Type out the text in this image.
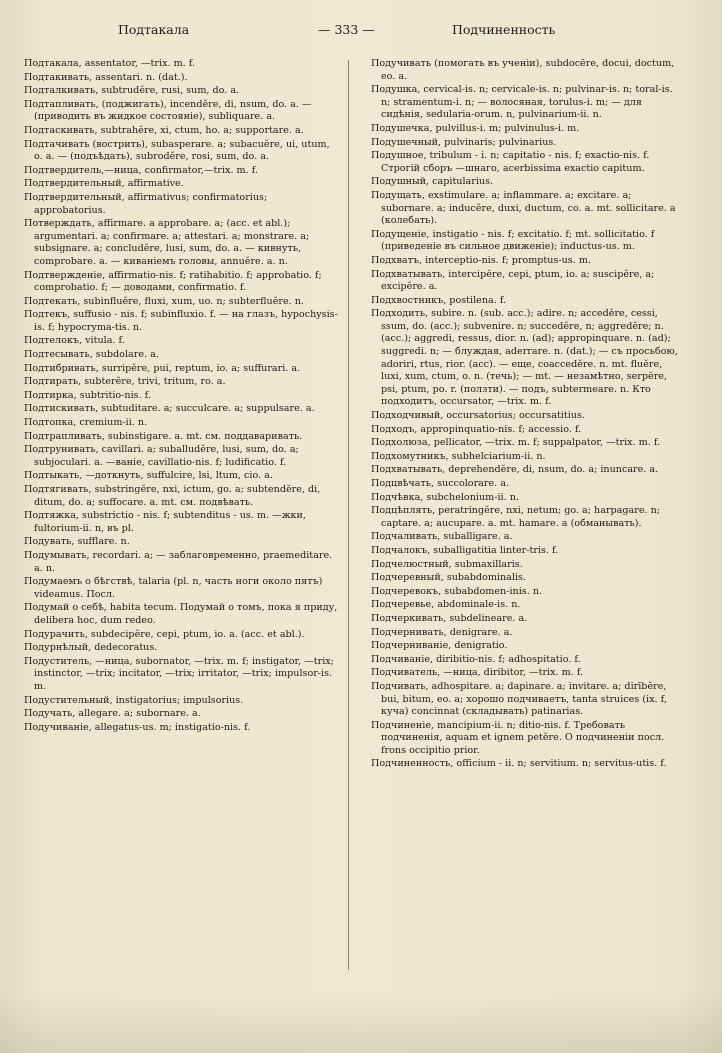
Подтакала	— 333 —	Подчиненность
Подтакала, assentator, —trix. m. f.
Подтакивать, assentari. n. (dat.).
Подталкивать, subtrudĕre, rusi, sum, do. a.
Подтапливать, (поджигать), incendĕre, di, nsum, do. a. — (приводить въ жидкое состояніе), subliquare. a.
Подтаскивать, subtrahĕre, xi, ctum, ho. a; supportare. a.
Подтачивать (вострить), subasperare. a; subacuĕre, ui, utum, o. a. — (подъѣдать), subrodĕre, rosi, sum, do. a.
Подтвердитель,—ница, confirmator,—trix. m. f.
Подтвердительный, affirmative.
Подтвердительный, affirmativus; confirmatorius; approbatorius.
Потверждать, affirmare. a approbare. a; (acc. et abl.); argumentari. a; confirmare. a; attestari. a; monstrare. a; subsignare. a; concludĕre, lusi, sum, do. a. — кивнуть, comprobare. a. — киваніемъ головы, annuĕre. a. n.
Подтвержденіе, affirmatio-nis. f; ratihabitio. f; approbatio. f; comprobatio. f; — доводами, confirmatio. f.
Подтекать, subinfluĕre, fluxi, xum, uo. n; subterfluĕre. n.
Подтекъ, suffusio - nis. f; subinfluxio. f. — на глазъ, hypochysis-is. f; hypocryma-tis. n.
Подтелокъ, vitula. f.
Подтесывать, subdolare. a.
Подтибривать, surripĕre, pui, reptum, io. a; suffurari. a.
Подтирать, subterĕre, trivi, tritum, ro. a.
Подтирка, subtritio-nis. f.
Подтискивать, subtuditare. a; succulcare. a; suppulsare. a.
Подтопка, cremium-ii. n.
Подтрапливать, subinstigare. a. mt. см. поддаваривать.
Подтрунивать, cavillari. a; suballudĕre, lusi, sum, do. a; subjocularі. a. —ваніе, cavillatio-nis. f; ludificatio. f.
Подтыкать, —доткнуть, suffulcire, lsi, ltum, cio. a.
Подтягивать, substringĕre, nxi, ictum, go. a; subtendĕre, di, ditum, do. a; suffocare. a. mt. см. подвѣвать.
Подтяжка, substrictio - nis. f; subtenditus - us. m. —жки, fultorium-ii. n, въ pl.
Подувать, sufflare. n.
Подумывать, recordari. a; — заблаговременно, praemeditare. a. n.
Подумаемъ о бѣгствѣ, talaria (pl. n, часть ноги около пятъ) videamus. Посл.
Подумай о себѣ, habita tecum. Подумай о томъ, пока я приду, delibera hoc, dum redeo.
Подурачить, subdecipĕre, cepi, ptum, io. a. (acc. et abl.).
Подурнѣлый, dedecoratus.
Подуститель, —ница, subornator, —trix. m. f; instigator, —trix; instinctor, —trix; incitator, —trix; irritator, —trix; impulsor-is. m.
Подустительный, instigatorius; impulsorius.
Подучать, allegare. a; subornare. a.
Подучиваніе, allegatus-us. m; instigatio-nis. f.
Подучивать (помогать въ ученіи), subdocēre, docui, doctum, eo. a.
Подушка, cervical-is. n; cervicale-is. n; pulvinar-is. n; toral-is. n; stramentum-i. n; — волосяная, torulus-i. m; — для сидѣнія, sedularia-orum. n, pulvinarium-ii. n.
Подушечка, pulvillus-i. m; pulvinulus-i. m.
Подушечный, pulvinaris; pulvinarius.
Подушное, tribulum - i. n; capitatio - nis. f; exactio-nis. f. Строгій сборъ —шнаго, acerbissima exactio capitum.
Подушный, capitularius.
Подущать, exstimulare. a; inflammare. a; excitare. a; subornare. a; inducĕre, duxi, ductum, co. a. mt. sollicitare. a (колебать).
Подущеніе, instigatio - nis. f; excitatio. f; mt. sollicitatio. f (приведеніе въ сильное движеніе); inductus-us. m.
Подхватъ, interceptio-nis. f; promptus-us. m.
Подхватывать, intercipĕre, cepi, ptum, io. a; suscipĕre, a; excipĕre. a.
Подхвостникъ, postilena. f.
Подходить, subire. n. (sub. acc.); adire. n; accedĕre, cessi, ssum, do. (acc.); subvenire. n; succedĕre, n; aggredĕre; n. (acc.); aggredi, ressus, dior. n. (ad); appropinquare. n. (ad); suggredi. n; — блуждая, aderrare. n. (dat.); — съ просьбою, adoriri, rtus, rior. (acc). — еще, coaccedĕre. n. mt. fluĕre, luxi, xum, ctum, o. n. (течь); — mt. — незамѣтно, serpĕre, psi, ptum, po. r. (ползти). — подъ, subtermeare. n. Кто подходитъ, occursator, —trix. m. f.
Подходчивый, occursatorius; occursatitius.
Подходъ, appropinquatio-nis. f; accessio. f.
Подхолюза, pellicator, —trix. m. f; suppalpator, —trix. m. f.
Подхомутникъ, subhelciarium-ii. n.
Подхватывать, deprehendĕre, di, nsum, do. a; inuncare. a.
Подцвѣчать, succolorare. a.
Подчѣвка, subchelonium-ii. n.
Подцѣплять, peratringĕre, nxi, netum; go. a; harpagare. n; captare. a; aucupare. a. mt. hamare. a (обманывать).
Подчаливать, suballigare. a.
Подчалокъ, suballigatitia linter-tris. f.
Подчелюстный, submaxillaris.
Подчеревный, subabdominalis.
Подчеревокъ, subabdomen-inis. n.
Подчеревье, abdominale-is. n.
Подчеркивать, subdelineare. a.
Подчернивать, denigrare. a.
Подчерниваніе, denigratio.
Подчиваніе, diribitio-nis. f; adhospitatio. f.
Подчиватель, —ница, diribitor, —trix. m. f.
Подчивать, adhospitare. a; dapinare. a; invitare. a; dirībĕre, bui, bitum, eo. a; хорошо подчиваетъ, tanta struices (ix. f, куча) concinnat (складывать) patinarias.
Подчиненіе, mancipium-ii. n; ditio-nis. f. Требовать подчиненія, aquam et ignem petĕre. О подчиненіи посл. frons occipitio prior.
Подчиненность, officium - ii. n; servitium. n; servitus-utis. f.
